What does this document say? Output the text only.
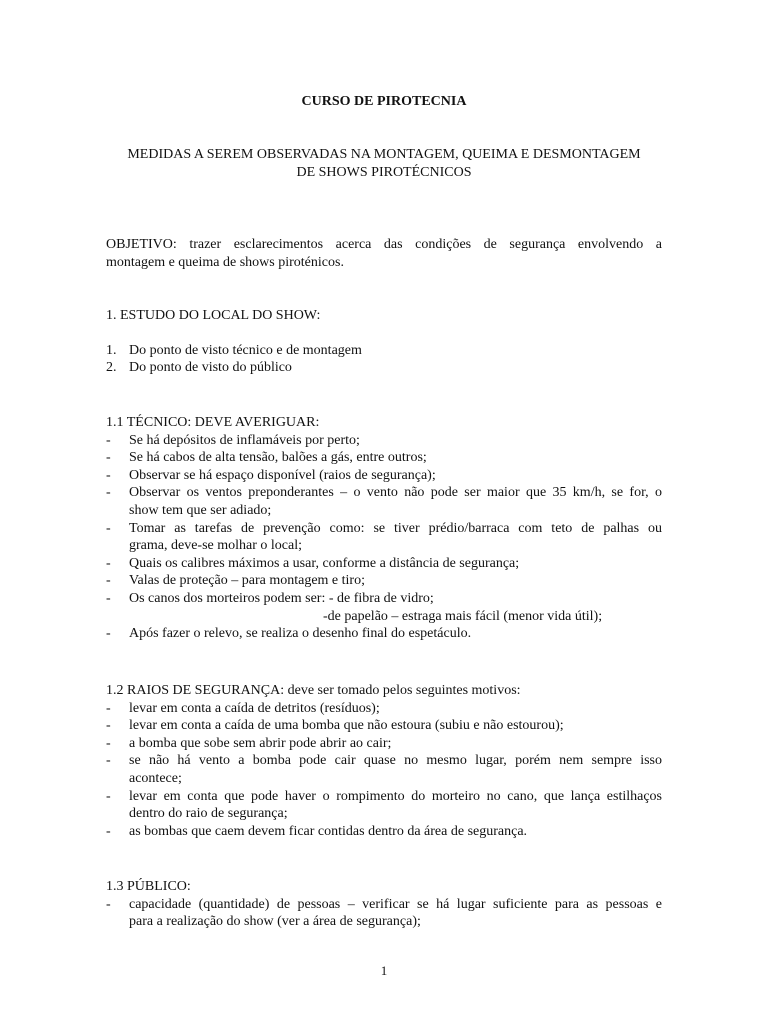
CURSO DE PIROTECNIA
MEDIDAS A SEREM OBSERVADAS NA MONTAGEM, QUEIMA E DESMONTAGEM
DE SHOWS PIROTÉCNICOS
OBJETIVO: trazer esclarecimentos acerca das condições de segurança envolvendo a
montagem e queima de shows piroténicos.
1. ESTUDO DO LOCAL DO SHOW:
1. Do ponto de visto técnico e de montagem
2. Do ponto de visto do público
1.1 TÉCNICO: DEVE AVERIGUAR:
- Se há depósitos de inflamáveis por perto;
- Se há cabos de alta tensão, balões a gás, entre outros;
- Observar se há espaço disponível (raios de segurança);
- Observar os ventos preponderantes – o vento não pode ser maior que 35 km/h, se for, o
show tem que ser adiado;
- Tomar as tarefas de prevenção como: se tiver prédio/barraca com teto de palhas ou
grama, deve-se molhar o local;
- Quais os calibres máximos a usar, conforme a distância de segurança;
- Valas de proteção – para montagem e tiro;
- Os canos dos morteiros podem ser: - de fibra de vidro;
-de papelão – estraga mais fácil (menor vida útil);
- Após fazer o relevo, se realiza o desenho final do espetáculo.
1.2 RAIOS DE SEGURANÇA: deve ser tomado pelos seguintes motivos:
- levar em conta a caída de detritos (resíduos);
- levar em conta a caída de uma bomba que não estoura (subiu e não estourou);
- a bomba que sobe sem abrir pode abrir ao cair;
- se não há vento a bomba pode cair quase no mesmo lugar, porém nem sempre isso
acontece;
- levar em conta que pode haver o rompimento do morteiro no cano, que lança estilhaços
dentro do raio de segurança;
- as bombas que caem devem ficar contidas dentro da área de segurança.
1.3 PÚBLICO:
- capacidade (quantidade) de pessoas – verificar se há lugar suficiente para as pessoas e
para a realização do show (ver a área de segurança);
1
